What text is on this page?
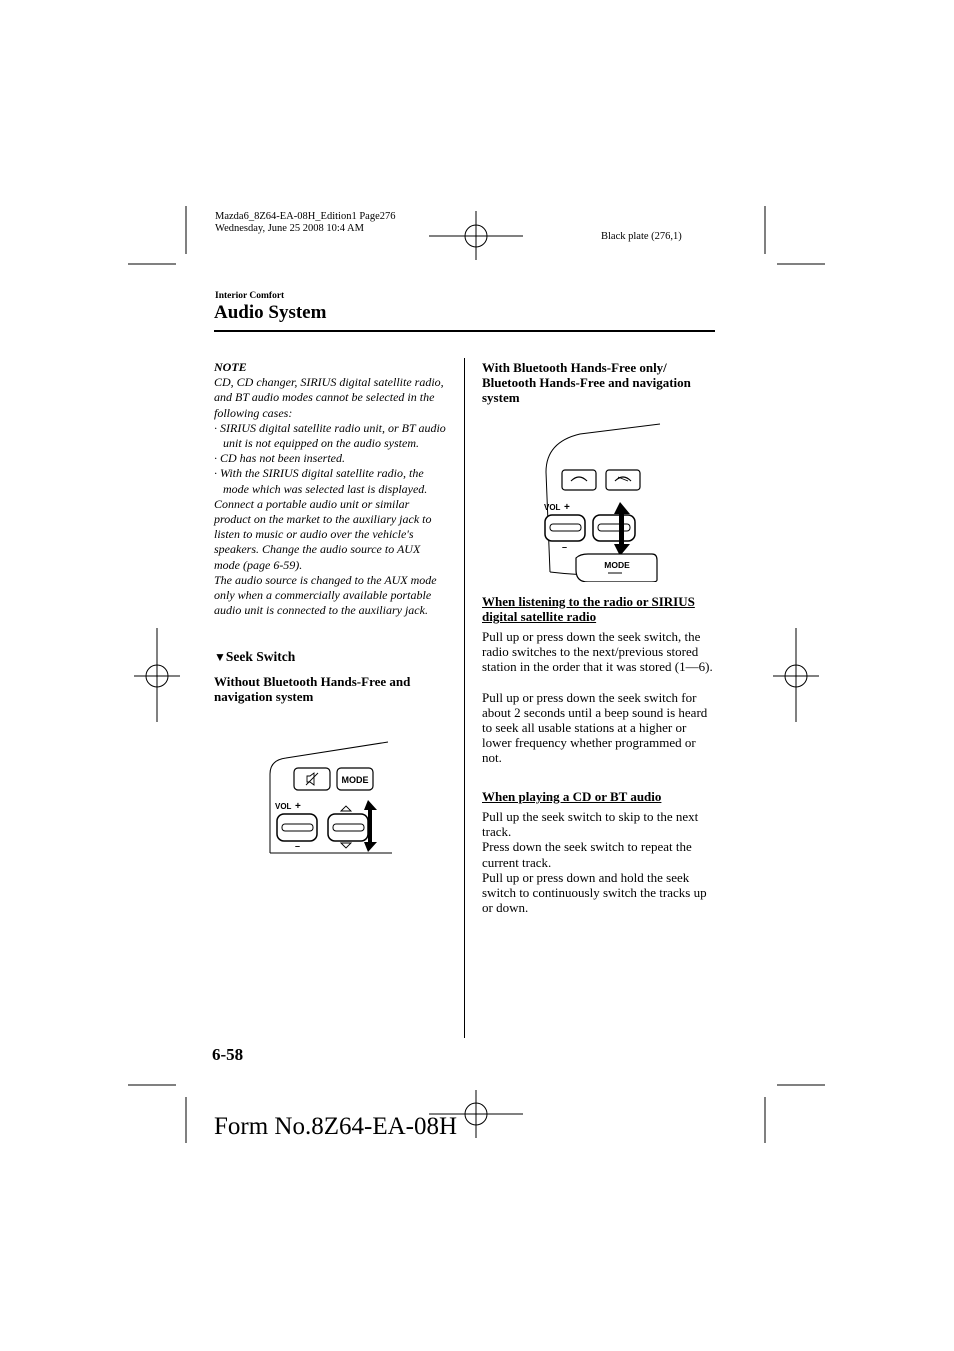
Mazda6_8Z64-EA-08H_Edition1 Page276
Wednesday, June 25 2008 10:4 AM
Black plate (276,1)
Interior Comfort
Audio System

NOTE

CD, CD changer, SIRIUS digital satellite radio, and BT audio modes cannot be selected in the following cases:

· SIRIUS digital satellite radio unit, or BT audio unit is not equipped on the audio system.

· CD has not been inserted.

· With the SIRIUS digital satellite radio, the mode which was selected last is displayed.

Connect a portable audio unit or similar product on the market to the auxiliary jack to listen to music or audio over the vehicle's speakers. Change the audio source to AUX mode (page 6-59).

The audio source is changed to the AUX mode only when a commercially available portable audio unit is connected to the auxiliary jack.

▼Seek Switch
Without Bluetooth Hands-Free and navigation system
MODE
VOL +
–
With Bluetooth Hands-Free only/ Bluetooth Hands-Free and navigation system
VOL +
–
MODE
When listening to the radio or SIRIUS digital satellite radio

Pull up or press down the seek switch, the radio switches to the next/previous stored station in the order that it was stored (1―6).

Pull up or press down the seek switch for about 2 seconds until a beep sound is heard to seek all usable stations at a higher or lower frequency whether programmed or not.

When playing a CD or BT audio

Pull up the seek switch to skip to the next track.

Press down the seek switch to repeat the current track.

Pull up or press down and hold the seek switch to continuously switch the tracks up or down.

6-58
Form No.8Z64-EA-08H
